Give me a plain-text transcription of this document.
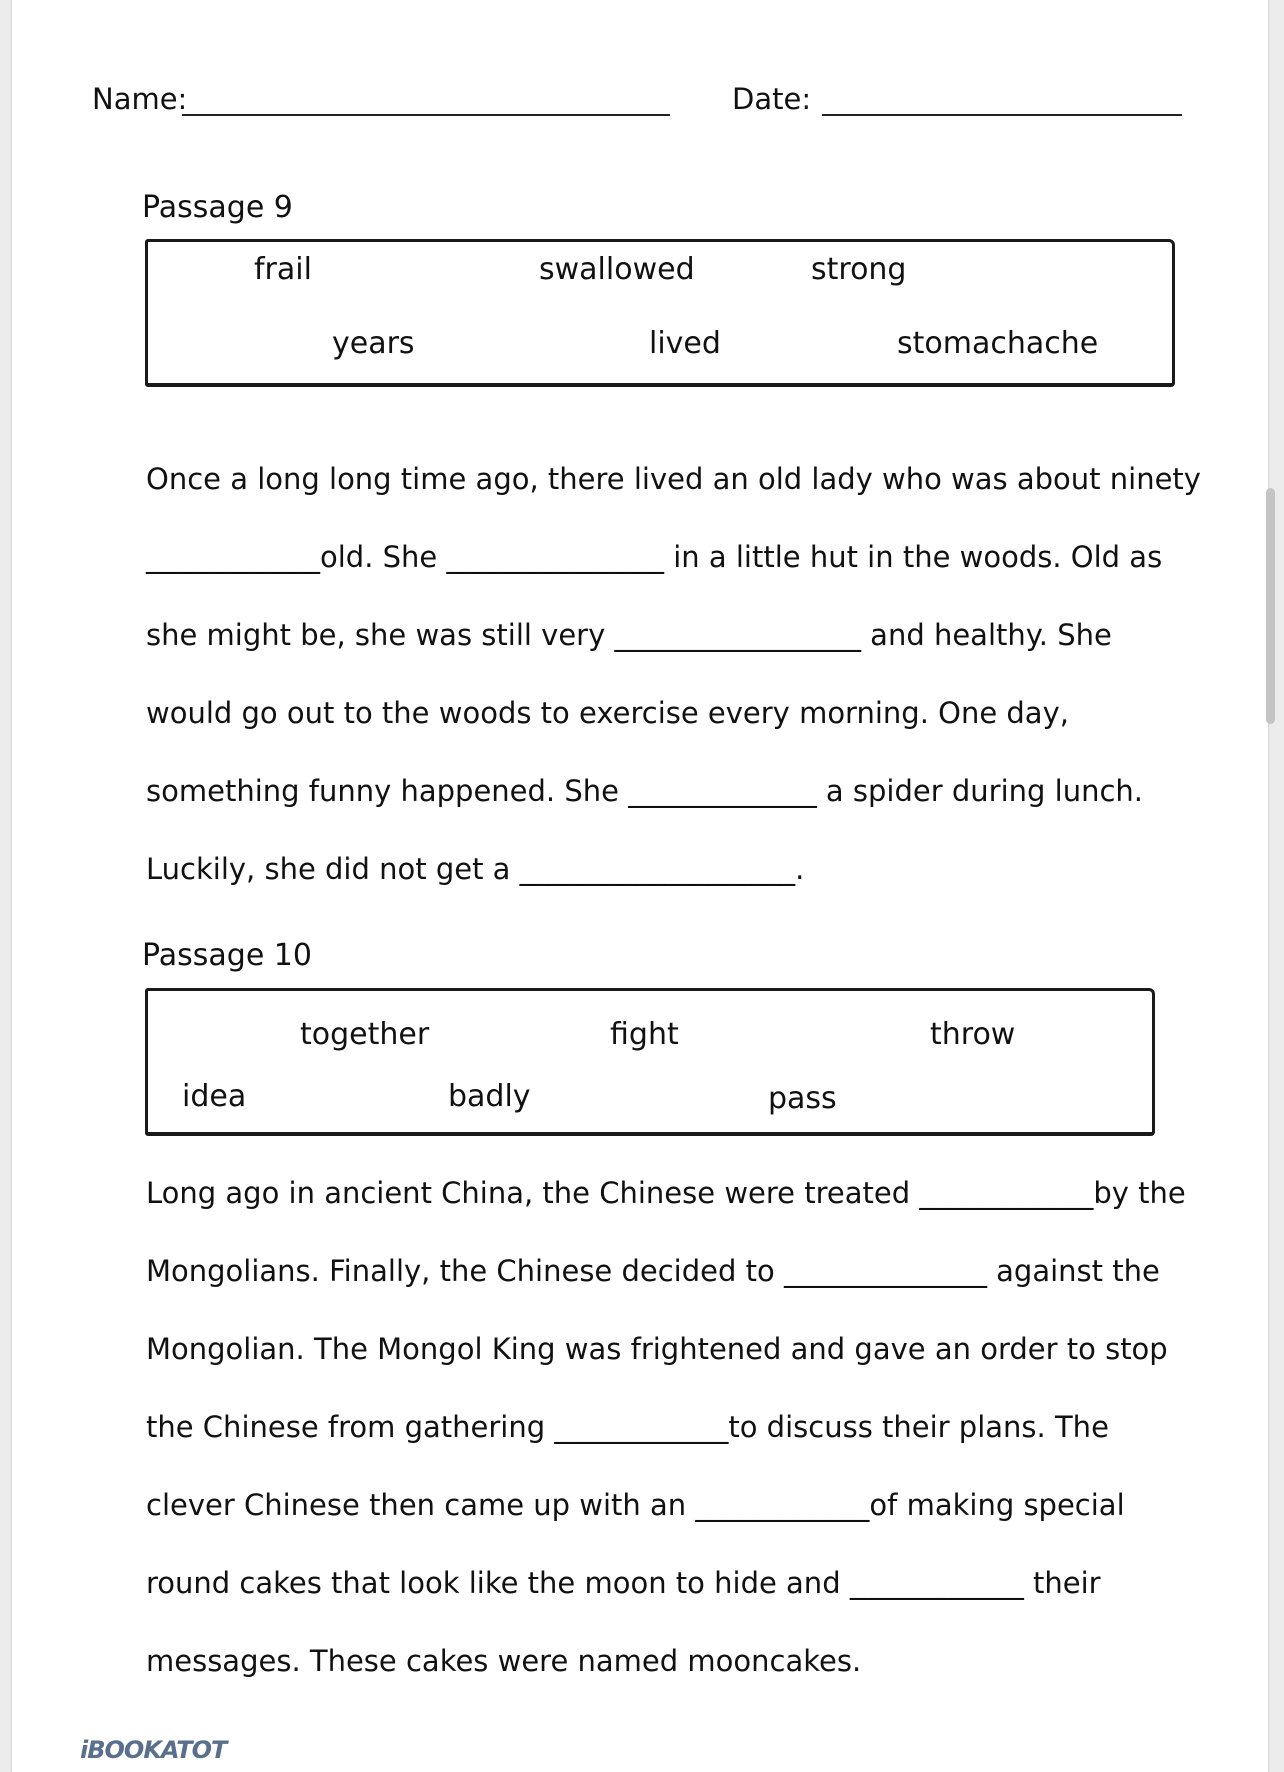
Name:	Date:
Passage 9
frail	swallowed	strong
years	lived	stomachache
Once a long long time ago, there lived an old lady who was about ninety
____________old. She _______________ in a little hut in the woods. Old as
she might be, she was still very _________________ and healthy. She
would go out to the woods to exercise every morning. One day,
something funny happened. She _____________ a spider during lunch.
Luckily, she did not get a ___________________.
Passage 10
together	fight	throw
idea	badly	pass
Long ago in ancient China, the Chinese were treated ____________by the
Mongolians. Finally, the Chinese decided to ______________ against the
Mongolian. The Mongol King was frightened and gave an order to stop
the Chinese from gathering ____________to discuss their plans. The
clever Chinese then came up with an ____________of making special
round cakes that look like the moon to hide and ____________ their
messages. These cakes were named mooncakes.
iBOOKATOT
